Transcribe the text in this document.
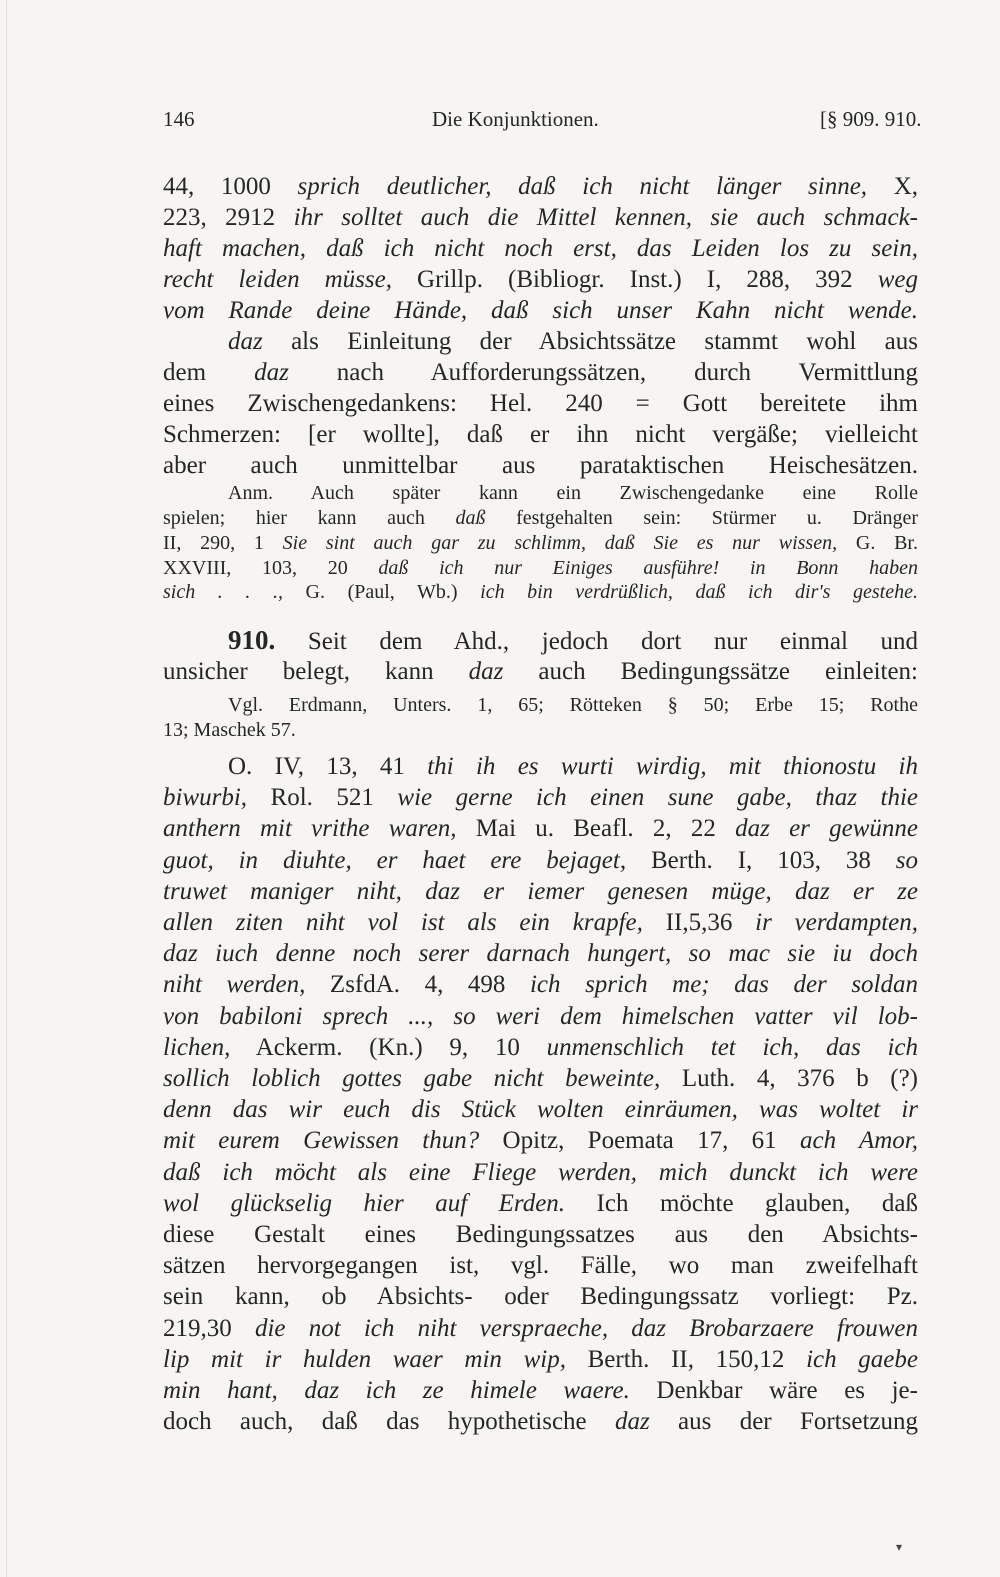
146	Die Konjunktionen.	[§ 909. 910.
44, 1000 sprich deutlicher, daß ich nicht länger sinne, X,
223, 2912 ihr solltet auch die Mittel kennen, sie auch schmack-
haft machen, daß ich nicht noch erst, das Leiden los zu sein,
recht leiden müsse, Grillp. (Bibliogr. Inst.) I, 288, 392 weg
vom Rande deine Hände, daß sich unser Kahn nicht wende.
daz als Einleitung der Absichtssätze stammt wohl aus
dem daz nach Aufforderungssätzen, durch Vermittlung
eines Zwischengedankens: Hel. 240 = Gott bereitete ihm
Schmerzen: [er wollte], daß er ihn nicht vergäße; vielleicht
aber auch unmittelbar aus parataktischen Heischesätzen.
Anm. Auch später kann ein Zwischengedanke eine Rolle
spielen; hier kann auch daß festgehalten sein: Stürmer u. Dränger
II, 290, 1 Sie sint auch gar zu schlimm, daß Sie es nur wissen, G. Br.
XXVIII, 103, 20 daß ich nur Einiges ausführe! in Bonn haben
sich . . ., G. (Paul, Wb.) ich bin verdrüßlich, daß ich dir's gestehe.
910. Seit dem Ahd., jedoch dort nur einmal und
unsicher belegt, kann daz auch Bedingungssätze einleiten:
Vgl. Erdmann, Unters. 1, 65; Rötteken § 50; Erbe 15; Rothe
13; Maschek 57.
O. IV, 13, 41 thi ih es wurti wirdig, mit thionostu ih
biwurbi, Rol. 521 wie gerne ich einen sune gabe, thaz thie
anthern mit vrithe waren, Mai u. Beafl. 2, 22 daz er gewünne
guot, in diuhte, er haet ere bejaget, Berth. I, 103, 38 so
truwet maniger niht, daz er iemer genesen müge, daz er ze
allen ziten niht vol ist als ein krapfe, II,5,36 ir verdampten,
daz iuch denne noch serer darnach hungert, so mac sie iu doch
niht werden, ZsfdA. 4, 498 ich sprich me; das der soldan
von babiloni sprech ..., so weri dem himelschen vatter vil lob-
lichen, Ackerm. (Kn.) 9, 10 unmenschlich tet ich, das ich
sollich loblich gottes gabe nicht beweinte, Luth. 4, 376 b (?)
denn das wir euch dis Stück wolten einräumen, was woltet ir
mit eurem Gewissen thun? Opitz, Poemata 17, 61 ach Amor,
daß ich möcht als eine Fliege werden, mich dunckt ich were
wol glückselig hier auf Erden. Ich möchte glauben, daß
diese Gestalt eines Bedingungssatzes aus den Absichts-
sätzen hervorgegangen ist, vgl. Fälle, wo man zweifelhaft
sein kann, ob Absichts- oder Bedingungssatz vorliegt: Pz.
219,30 die not ich niht verspraeche, daz Brobarzaere frouwen
lip mit ir hulden waer min wip, Berth. II, 150,12 ich gaebe
min hant, daz ich ze himele waere. Denkbar wäre es je-
doch auch, daß das hypothetische daz aus der Fortsetzung
▾
